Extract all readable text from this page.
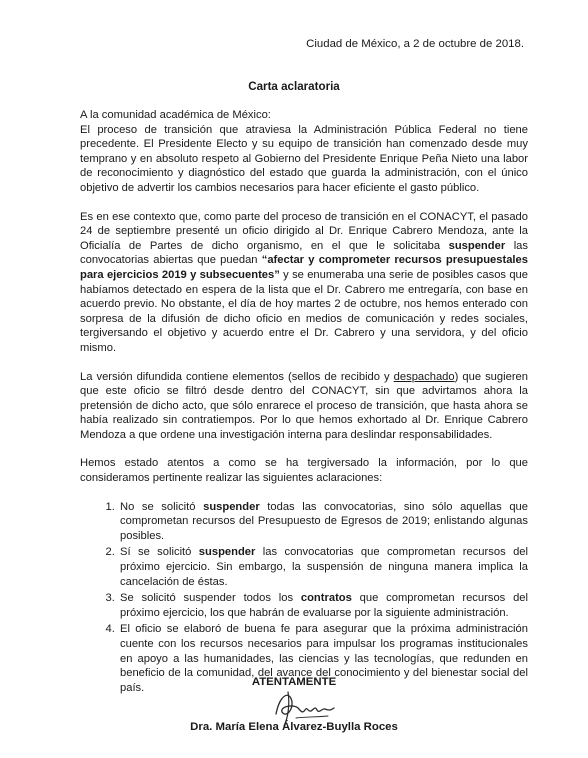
Ciudad de México, a 2 de octubre de 2018.
Carta aclaratoria

A la comunidad académica de México:

El proceso de transición que atraviesa la Administración Pública Federal no tiene precedente. El Presidente Electo y su equipo de transición han comenzado desde muy temprano y en absoluto respeto al Gobierno del Presidente Enrique Peña Nieto una labor de reconocimiento y diagnóstico del estado que guarda la administración, con el único objetivo de advertir los cambios necesarios para hacer eficiente el gasto público.

Es en ese contexto que, como parte del proceso de transición en el CONACYT, el pasado 24 de septiembre presenté un oficio dirigido al Dr. Enrique Cabrero Mendoza, ante la Oficialía de Partes de dicho organismo, en el que le solicitaba suspender las convocatorias abiertas que puedan “afectar y comprometer recursos presupuestales para ejercicios 2019 y subsecuentes” y se enumeraba una serie de posibles casos que habíamos detectado en espera de la lista que el Dr. Cabrero me entregaría, con base en acuerdo previo. No obstante, el día de hoy martes 2 de octubre, nos hemos enterado con sorpresa de la difusión de dicho oficio en medios de comunicación y redes sociales, tergiversando el objetivo y acuerdo entre el Dr. Cabrero y una servidora, y del oficio mismo.

La versión difundida contiene elementos (sellos de recibido y despachado) que sugieren que este oficio se filtró desde dentro del CONACYT, sin que advirtamos ahora la pretensión de dicho acto, que sólo enrarece el proceso de transición, que hasta ahora se había realizado sin contratiempos. Por lo que hemos exhortado al Dr. Enrique Cabrero Mendoza a que ordene una investigación interna para deslindar responsabilidades.

Hemos estado atentos a como se ha tergiversado la información, por lo que consideramos pertinente realizar las siguientes aclaraciones:

1. No se solicitó suspender todas las convocatorias, sino sólo aquellas que comprometan recursos del Presupuesto de Egresos de 2019; enlistando algunas posibles.
2. Sí se solicitó suspender las convocatorias que comprometan recursos del próximo ejercicio. Sin embargo, la suspensión de ninguna manera implica la cancelación de éstas.
3. Se solicitó suspender todos los contratos que comprometan recursos del próximo ejercicio, los que habrán de evaluarse por la siguiente administración.
4. El oficio se elaboró de buena fe para asegurar que la próxima administración cuente con los recursos necesarios para impulsar los programas institucionales en apoyo a las humanidades, las ciencias y las tecnologías, que redunden en beneficio de la comunidad, del avance del conocimiento y del bienestar social del país.	ATENTAMENTE
Dra. María Elena Álvarez-Buylla Roces
